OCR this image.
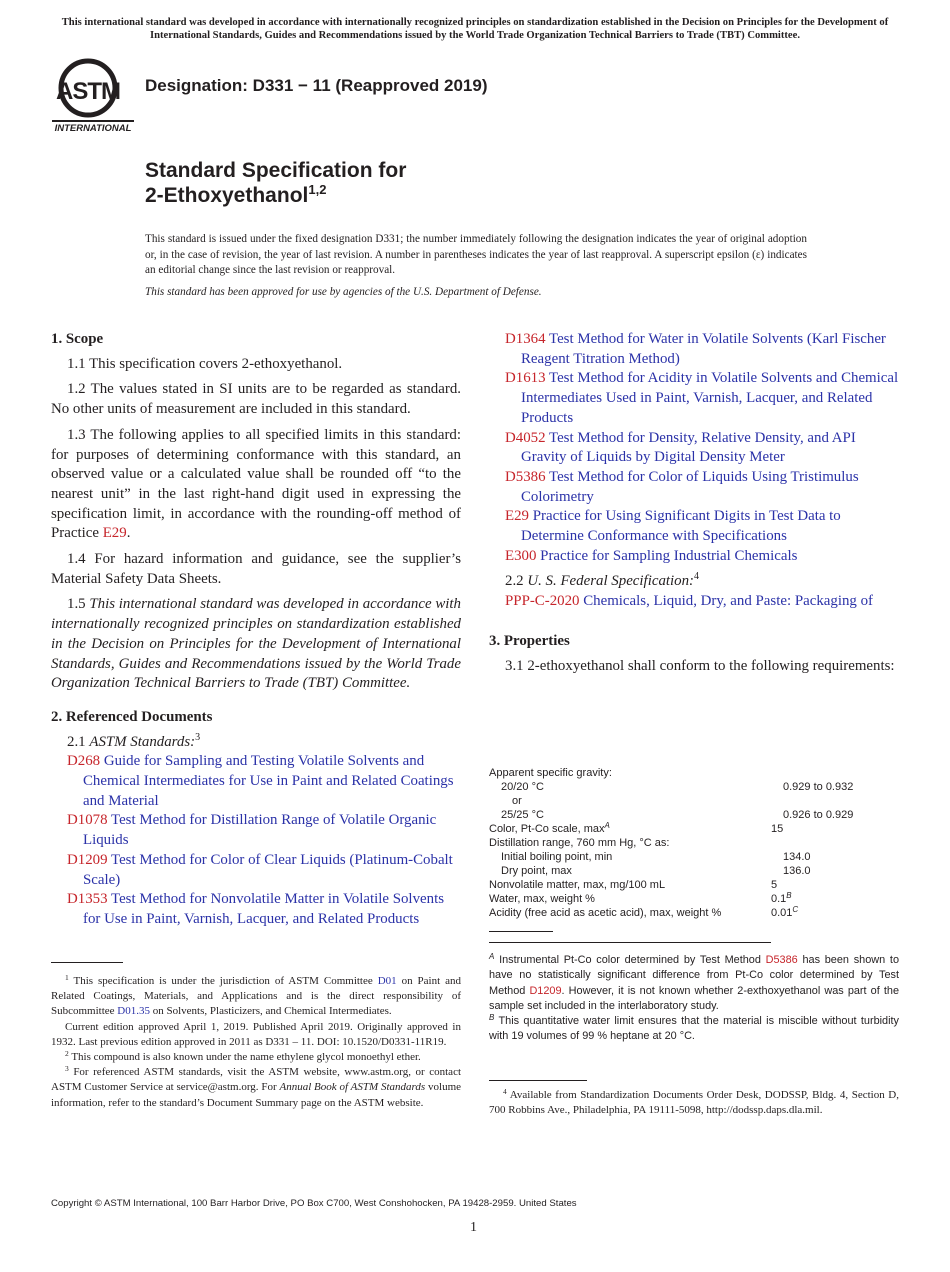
This international standard was developed in accordance with internationally recognized principles on standardization established in the Decision on Principles for the Development of International Standards, Guides and Recommendations issued by the World Trade Organization Technical Barriers to Trade (TBT) Committee.
ASTM
INTERNATIONAL
Designation: D331 − 11 (Reapproved 2019)
Standard Specification for
2-Ethoxyethanol$^{1,2}$
This standard is issued under the fixed designation D331; the number immediately following the designation indicates the year of original adoption or, in the case of revision, the year of last revision. A number in parentheses indicates the year of last reapproval. A superscript epsilon (ε) indicates an editorial change since the last revision or reapproval.
This standard has been approved for use by agencies of the U.S. Department of Defense.

1. Scope

1.1 This specification covers 2-ethoxyethanol.

1.2 The values stated in SI units are to be regarded as standard. No other units of measurement are included in this standard.

1.3 The following applies to all specified limits in this standard: for purposes of determining conformance with this standard, an observed value or a calculated value shall be rounded off “to the nearest unit” in the last right-hand digit used in expressing the specification limit, in accordance with the rounding-off method of Practice E29.

1.4 For hazard information and guidance, see the supplier’s Material Safety Data Sheets.

1.5 This international standard was developed in accordance with internationally recognized principles on standardization established in the Decision on Principles for the Development of International Standards, Guides and Recommendations issued by the World Trade Organization Technical Barriers to Trade (TBT) Committee.

2. Referenced Documents

2.1 ASTM Standards:$^3$

D268 Guide for Sampling and Testing Volatile Solvents and Chemical Intermediates for Use in Paint and Related Coatings and Material

D1078 Test Method for Distillation Range of Volatile Organic Liquids

D1209 Test Method for Color of Clear Liquids (Platinum-Cobalt Scale)

D1353 Test Method for Nonvolatile Matter in Volatile Solvents for Use in Paint, Varnish, Lacquer, and Related Products

D1364 Test Method for Water in Volatile Solvents (Karl Fischer Reagent Titration Method)

D1613 Test Method for Acidity in Volatile Solvents and Chemical Intermediates Used in Paint, Varnish, Lacquer, and Related Products

D4052 Test Method for Density, Relative Density, and API Gravity of Liquids by Digital Density Meter

D5386 Test Method for Color of Liquids Using Tristimulus Colorimetry

E29 Practice for Using Significant Digits in Test Data to Determine Conformance with Specifications

E300 Practice for Sampling Industrial Chemicals

2.2 U. S. Federal Specification:$^4$

PPP-C-2020 Chemicals, Liquid, Dry, and Paste: Packaging of

3. Properties

3.1 2-ethoxyethanol shall conform to the following requirements:

Apparent specific gravity:
20/20 °C	0.929 to 0.932
or
25/25 °C	0.926 to 0.929
Color, Pt-Co scale, $\max^A$	15
Distillation range, 760 mm Hg, °C as:
Initial boiling point, min	134.0
Dry point, max	136.0
Nonvolatile matter, max, mg/100 mL	5
Water, max, weight %	$0.1^B$
Acidity (free acid as acetic acid), max, weight %	$0.01^C$
$^A$ Instrumental Pt-Co color determined by Test Method D5386 has been shown to have no statistically significant difference from Pt-Co color determined by Test Method D1209. However, it is not known whether 2-exthoxyethanol was part of the sample set included in the interlaboratory study.
$^B$ This quantitative water limit ensures that the material is miscible without turbidity with 19 volumes of 99 % heptane at 20 °C.

$^1$ This specification is under the jurisdiction of ASTM Committee D01 on Paint and Related Coatings, Materials, and Applications and is the direct responsibility of Subcommittee D01.35 on Solvents, Plasticizers, and Chemical Intermediates.

Current edition approved April 1, 2019. Published April 2019. Originally approved in 1932. Last previous edition approved in 2011 as D331 – 11. DOI: 10.1520/D0331-11R19.

$^2$ This compound is also known under the name ethylene glycol monoethyl ether.

$^3$ For referenced ASTM standards, visit the ASTM website, www.astm.org, or contact ASTM Customer Service at service@astm.org. For Annual Book of ASTM Standards volume information, refer to the standard’s Document Summary page on the ASTM website.

$^4$ Available from Standardization Documents Order Desk, DODSSP, Bldg. 4, Section D, 700 Robbins Ave., Philadelphia, PA 19111-5098, http://dodssp.daps.dla.mil.

Copyright © ASTM International, 100 Barr Harbor Drive, PO Box C700, West Conshohocken, PA 19428-2959. United States
1
